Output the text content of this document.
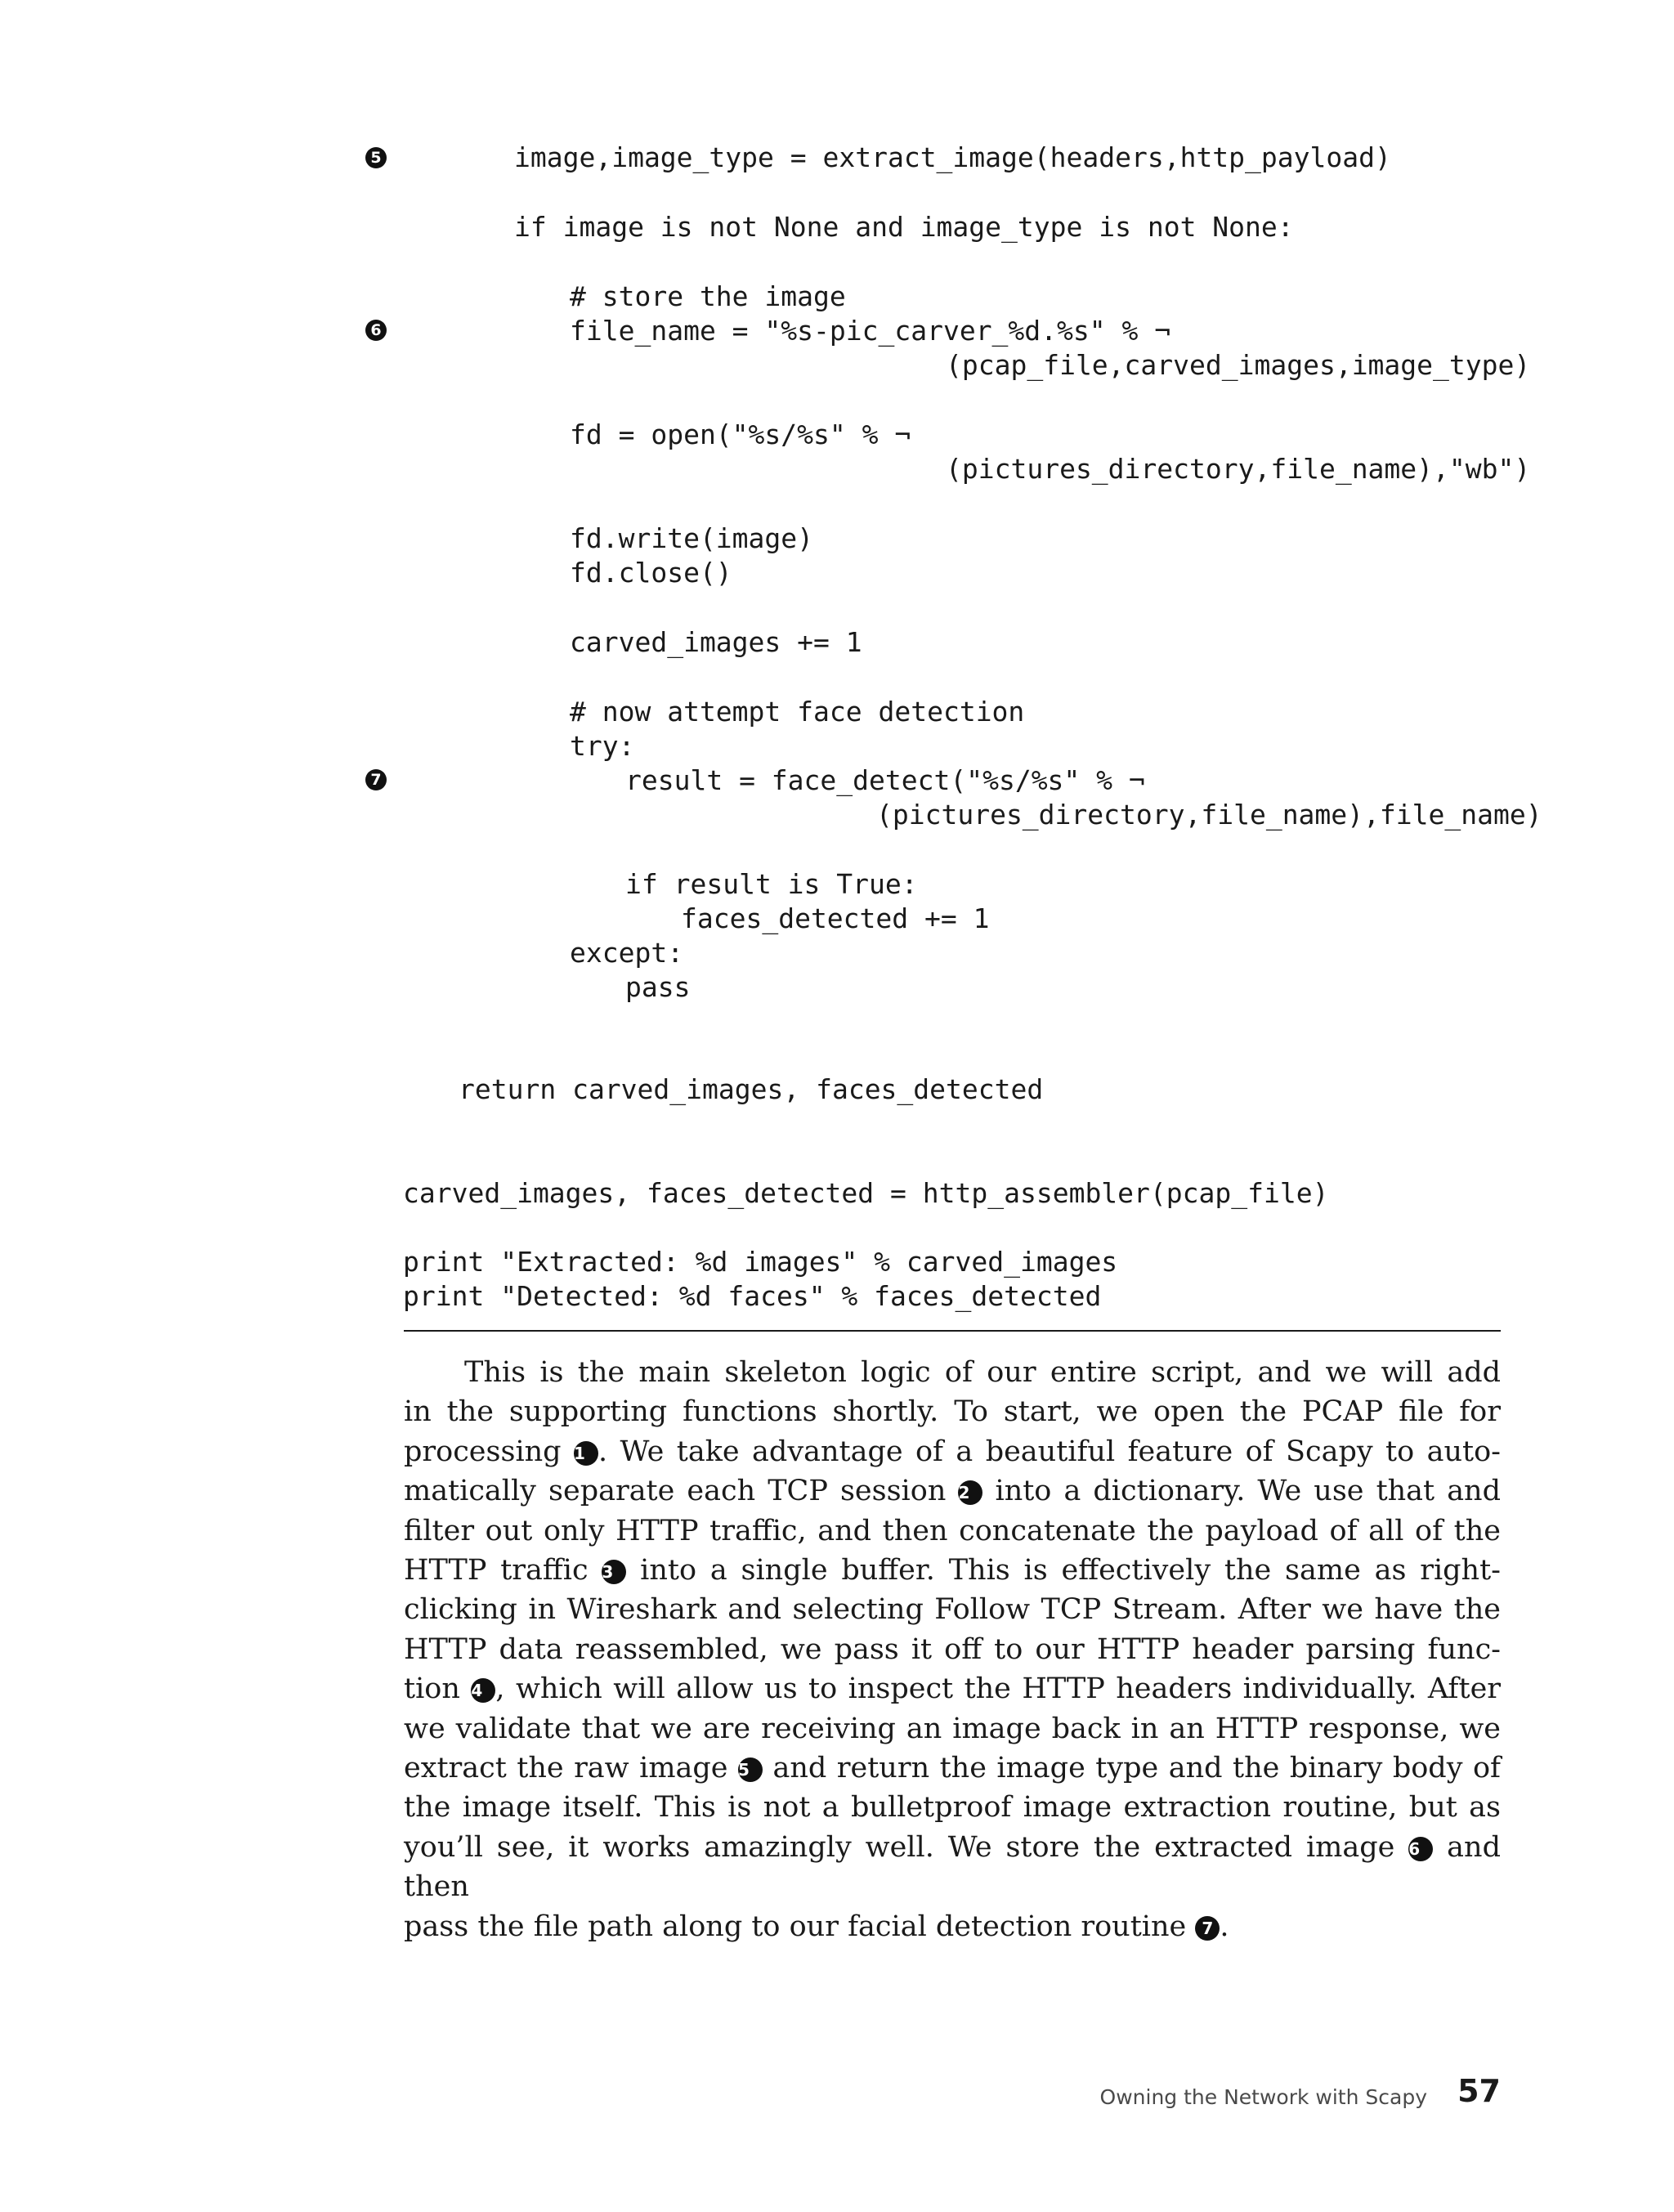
5
6
7
image,image_type = extract_image(headers,http_payload)
if image is not None and image_type is not None:
# store the image
file_name = "%s-pic_carver_%d.%s" % ¬
(pcap_file,carved_images,image_type)
fd = open("%s/%s" % ¬
(pictures_directory,file_name),"wb")
fd.write(image)
fd.close()
carved_images += 1
# now attempt face detection
try:
result = face_detect("%s/%s" % ¬
(pictures_directory,file_name),file_name)
if result is True:
faces_detected += 1
except:
pass
return carved_images, faces_detected
carved_images, faces_detected = http_assembler(pcap_file)
print "Extracted: %d images" % carved_images
print "Detected: %d faces" % faces_detected
This is the main skeleton logic of our entire script, and we will add
in the supporting functions shortly. To start, we open the PCAP file for
processing 1 . We take advantage of a beautiful feature of Scapy to auto-
matically separate each TCP session 2 into a dictionary. We use that and
filter out only HTTP traffic, and then concatenate the payload of all of the
HTTP traffic 3 into a single buffer. This is effectively the same as right-
clicking in Wireshark and selecting Follow TCP Stream. After we have the
HTTP data reassembled, we pass it off to our HTTP header parsing func-
tion 4 , which will allow us to inspect the HTTP headers individually. After
we validate that we are receiving an image back in an HTTP response, we
extract the raw image 5 and return the image type and the binary body of
the image itself. This is not a bulletproof image extraction routine, but as
you’ll see, it works amazingly well. We store the extracted image 6 and then
pass the file path along to our facial detection routine 7 .
Owning the Network with Scapy 57
